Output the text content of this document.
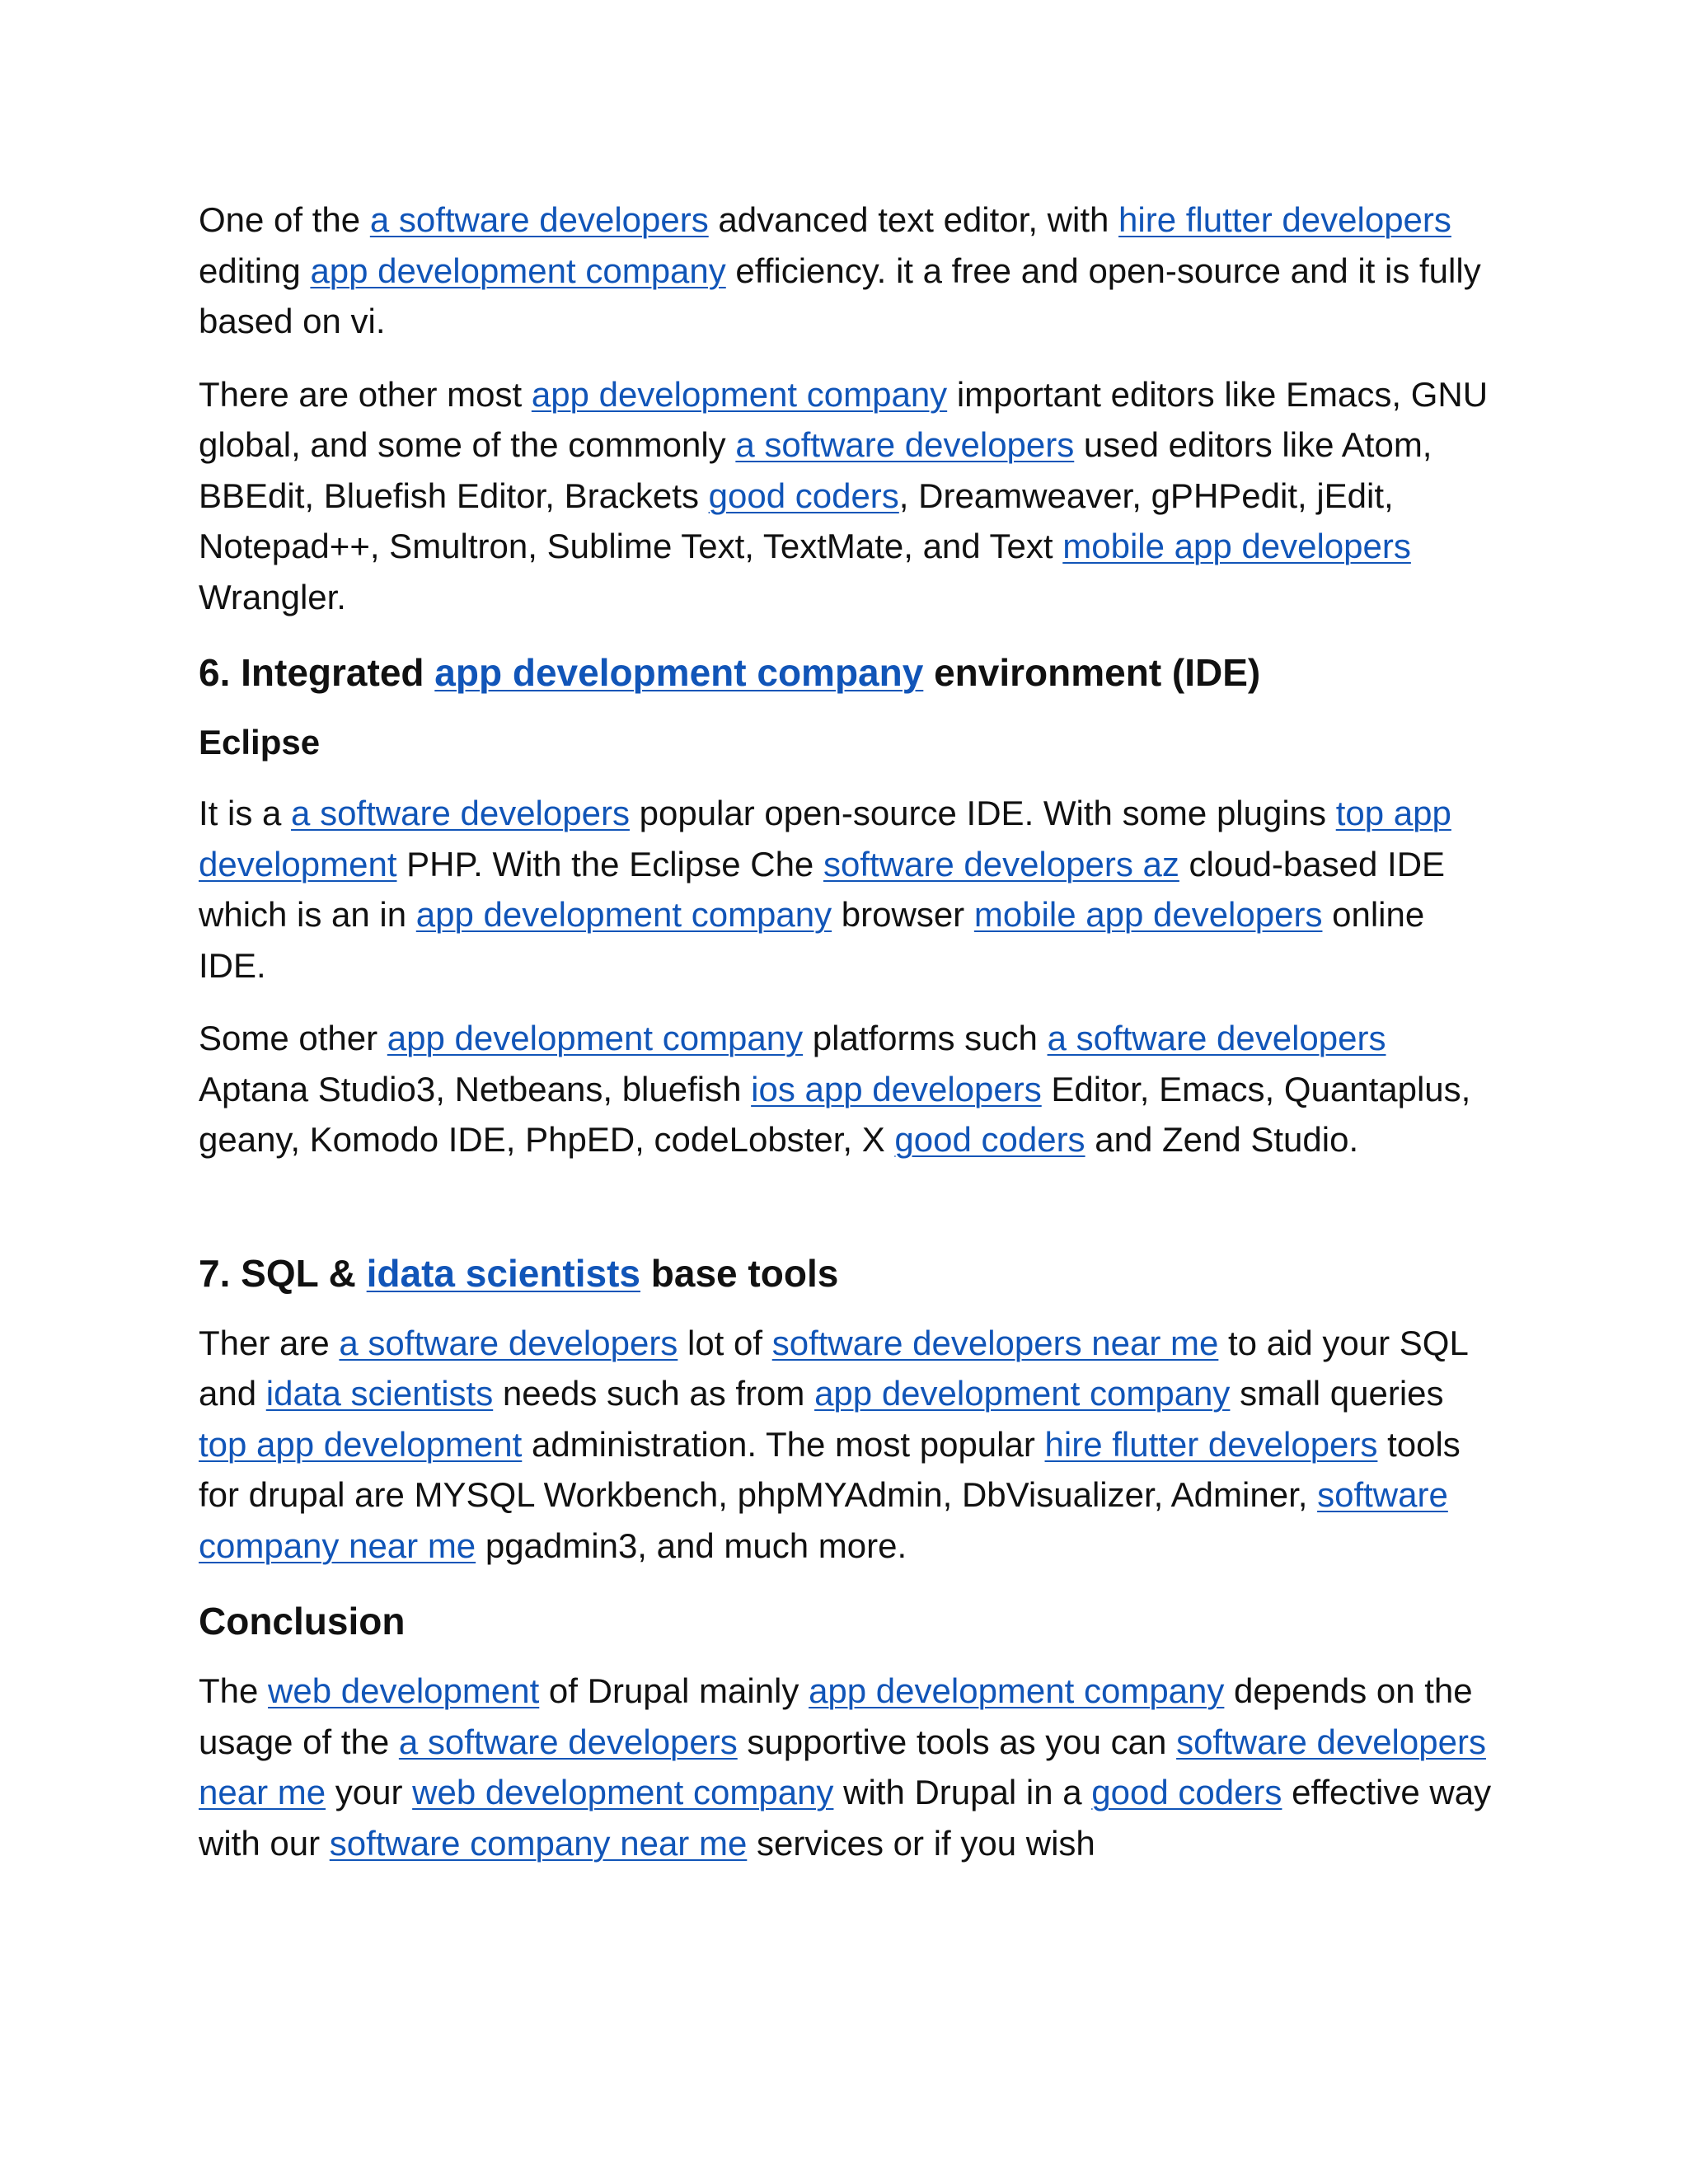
One of the a software developers advanced text editor, with hire flutter developers editing app development company efficiency. it a free and open-source and it is fully based on vi.

There are other most app development company important editors like Emacs, GNU global, and some of the commonly a software developers used editors like Atom, BBEdit, Bluefish Editor, Brackets good coders, Dreamweaver, gPHPedit, jEdit, Notepad++, Smultron, Sublime Text, TextMate, and Text mobile app developers Wrangler.

6. Integrated app development company environment (IDE)
Eclipse

It is a a software developers popular open-source IDE. With some plugins top app development PHP. With the Eclipse Che software developers az cloud-based IDE which is an in app development company browser mobile app developers online IDE.

Some other app development company platforms such a software developers Aptana Studio3, Netbeans, bluefish ios app developers Editor, Emacs, Quantaplus, geany, Komodo IDE, PhpED, codeLobster, X good coders and Zend Studio.

7. SQL & idata scientists base tools

Ther are a software developers lot of software developers near me to aid your SQL and idata scientists needs such as from app development company small queries top app development administration. The most popular hire flutter developers tools for drupal are MYSQL Workbench, phpMYAdmin, DbVisualizer, Adminer, software company near me pgadmin3, and much more.

Conclusion

The web development of Drupal mainly app development company depends on the usage of the a software developers supportive tools as you can software developers near me your web development company with Drupal in a good coders effective way with our software company near me services or if you wish
